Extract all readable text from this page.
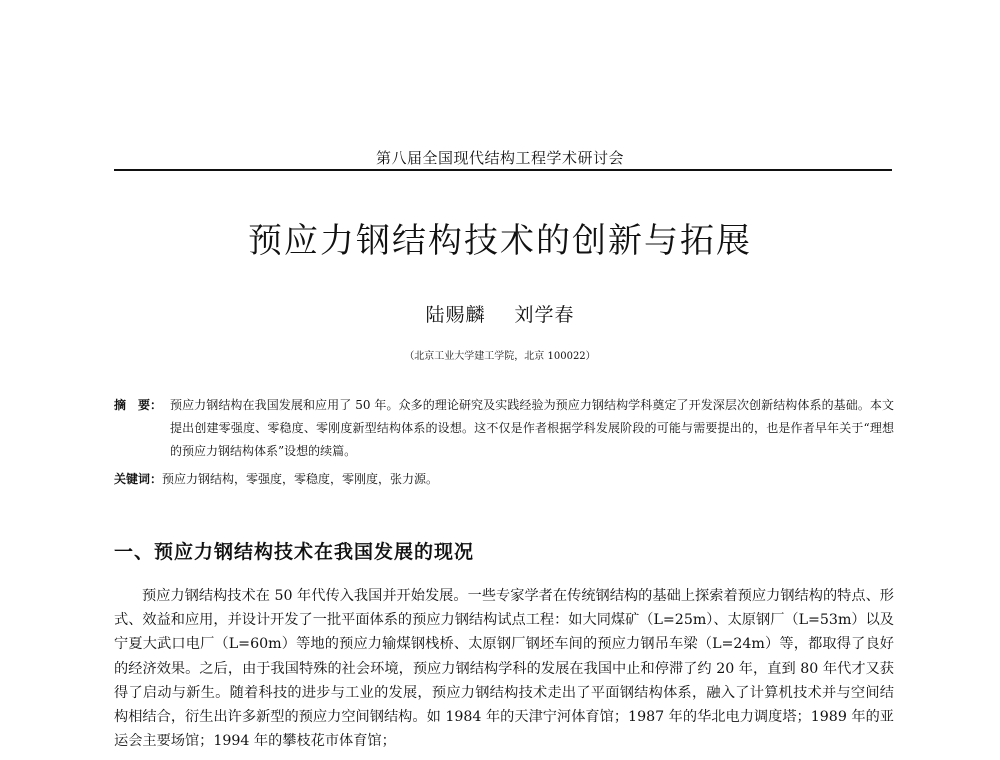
第八届全国现代结构工程学术研讨会
预应力钢结构技术的创新与拓展
陆赐麟 刘学春
（北京工业大学建工学院，北京 100022）
摘　要： 预应力钢结构在我国发展和应用了 50 年。众多的理论研究及实践经验为预应力钢结构学科奠定了开发深层次创新结构体系的基础。本文提出创建零强度、零稳度、零刚度新型结构体系的设想。这不仅是作者根据学科发展阶段的可能与需要提出的，也是作者早年关于“理想的预应力钢结构体系”设想的续篇。
关键词：预应力钢结构，零强度，零稳度，零刚度，张力源。
一、预应力钢结构技术在我国发展的现况
预应力钢结构技术在 50 年代传入我国并开始发展。一些专家学者在传统钢结构的基础上探索着预应力钢结构的特点、形式、效益和应用，并设计开发了一批平面体系的预应力钢结构试点工程：如大同煤矿（L=25m）、太原钢厂（L=53m）以及宁夏大武口电厂（L=60m）等地的预应力输煤钢栈桥、太原钢厂钢坯车间的预应力钢吊车梁（L=24m）等，都取得了良好的经济效果。之后，由于我国特殊的社会环境，预应力钢结构学科的发展在我国中止和停滞了约 20 年，直到 80 年代才又获得了启动与新生。随着科技的进步与工业的发展，预应力钢结构技术走出了平面钢结构体系，融入了计算机技术并与空间结构相结合，衍生出许多新型的预应力空间钢结构。如 1984 年的天津宁河体育馆；1987 年的华北电力调度塔；1989 年的亚运会主要场馆；1994 年的攀枝花市体育馆；
